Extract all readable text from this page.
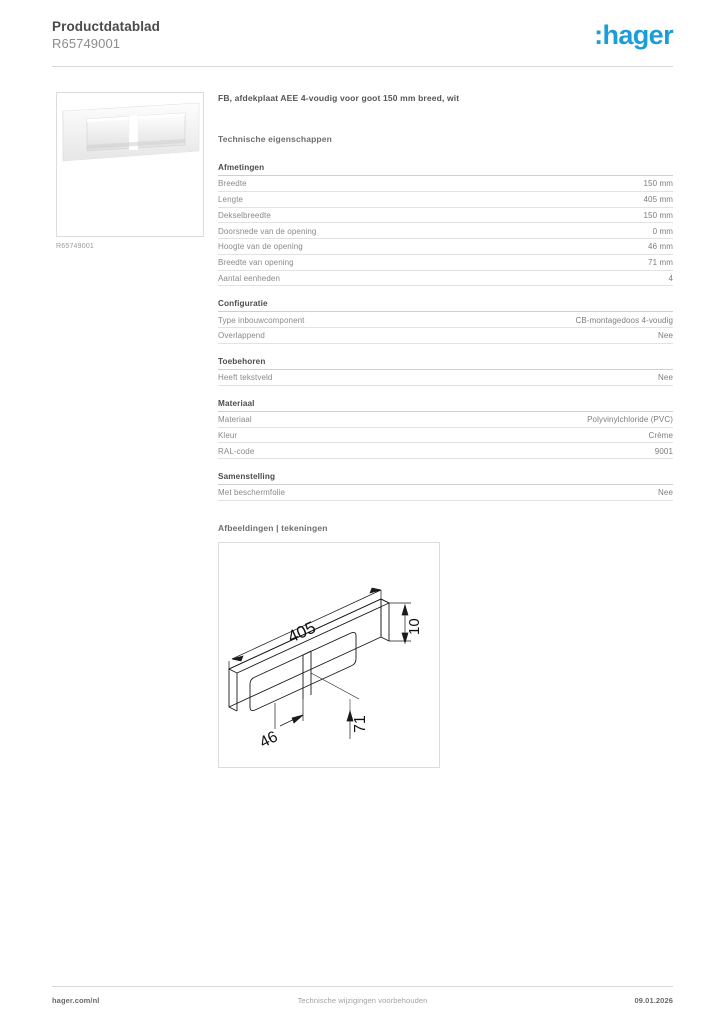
Productdatablad
R65749001	:hager
R65749001
FB, afdekplaat AEE 4-voudig voor goot 150 mm breed, wit
Technische eigenschappen
Afmetingen
Breedte	150 mm
Lengte	405 mm
Dekselbreedte	150 mm
Doorsnede van de opening	0 mm
Hoogte van de opening	46 mm
Breedte van opening	71 mm
Aantal eenheden	4
Configuratie
Type inbouwcomponent	CB-montagedoos 4-voudig
Overlappend	Nee
Toebehoren
Heeft tekstveld	Nee
Materiaal
Materiaal	Polyvinylchloride (PVC)
Kleur	Crème
RAL-code	9001
Samenstelling
Met beschermfolie	Nee
Afbeeldingen | tekeningen
405	10
46
71
hager.com/nl	Technische wijzigingen voorbehouden	09.01.2026
